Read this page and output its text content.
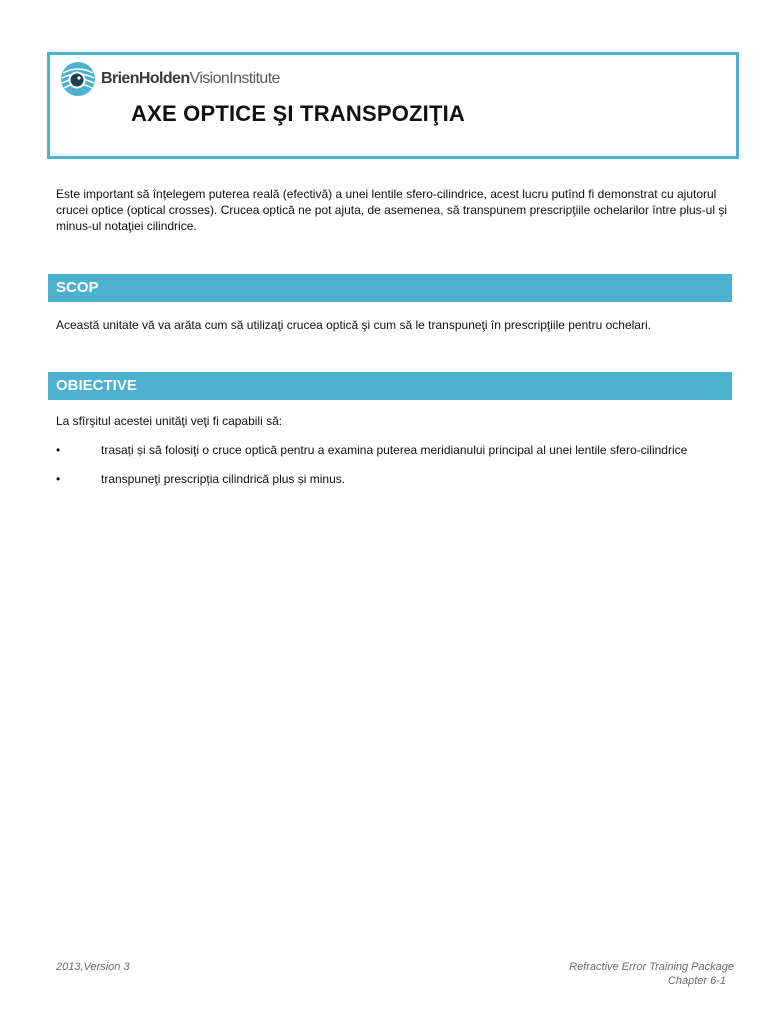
BrienHoldenVisionInstitute
AXE OPTICE ŞI TRANSPOZIŢIA

Este important să înțelegem puterea reală (efectivă) a unei lentile sfero-cilindrice, acest lucru putînd fi demonstrat cu ajutorul crucei optice (optical crosses). Crucea optică ne pot ajuta, de asemenea, să transpunem prescripţiile ochelarilor între plus-ul şi minus-ul notaţiei cilindrice.

SCOP

Această unitate vă va arăta cum să utilizaţi crucea optică şi cum să le transpuneţi în prescripţiile pentru ochelari.

OBIECTIVE

La sfîrşitul acestei unităţi veţi fi capabili să:

•	trasați și să folosiţi o cruce optică pentru a examina puterea meridianului principal al unei lentile sfero-cilindrice
•	transpuneţi prescripția cilindrică plus și minus.
2013,Version 3	Refractive Error Training Package
Chapter 6-1
